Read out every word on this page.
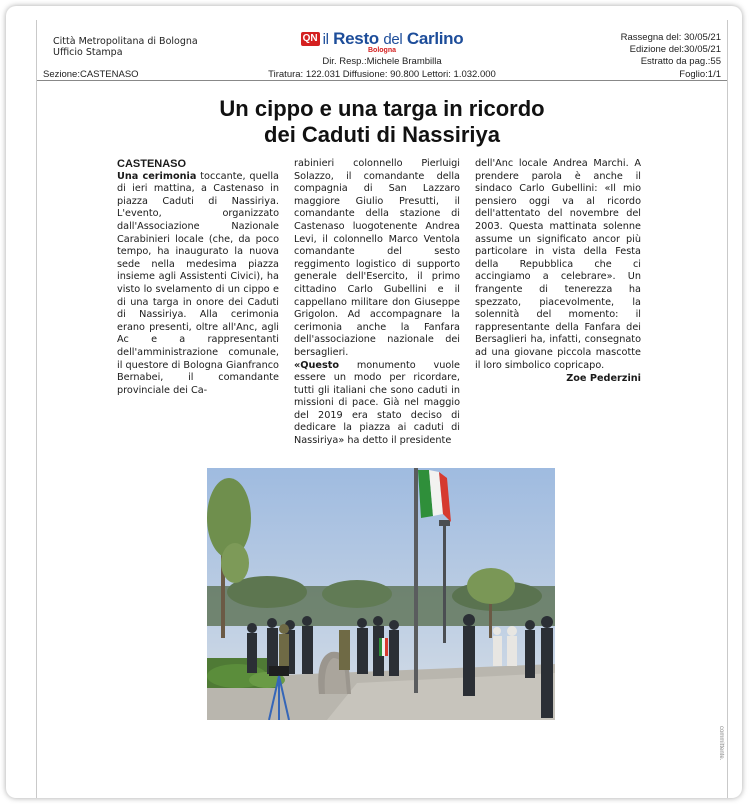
Città Metropolitana di Bologna
Ufficio Stampa
QN il Resto del Carlino
Bologna
Dir. Resp.:Michele Brambilla
Tiratura: 122.031 Diffusione: 90.800 Lettori: 1.032.000
Rassegna del: 30/05/21
Edizione del:30/05/21
Estratto da pag.:55
Sezione:CASTENASO	Foglio:1/1
Un cippo e una targa in ricordo
dei Caduti di Nassiriya
CASTENASO
Una cerimonia toccante, quella di ieri mattina, a Castenaso in piazza Caduti di Nassiriya. L'evento, organizzato dall'Associazione Nazionale Carabinieri locale (che, da poco tempo, ha inaugurato la nuova sede nella medesima piazza insieme agli Assistenti Civici), ha visto lo svelamento di un cippo e di una targa in onore dei Caduti di Nassiriya. Alla cerimonia erano presenti, oltre all'Anc, agli Ac e a rappresentanti dell'amministrazione comunale, il questore di Bologna Gianfranco Bernabei, il comandante provinciale dei Ca-
rabinieri colonnello Pierluigi Solazzo, il comandante della compagnia di San Lazzaro maggiore Giulio Presutti, il comandante della stazione di Castenaso luogotenente Andrea Levi, il colonnello Marco Ventola comandante del sesto reggimento logistico di supporto generale dell'Esercito, il primo cittadino Carlo Gubellini e il cappellano militare don Giuseppe Grigolon. Ad accompagnare la cerimonia anche la Fanfara dell'associazione nazionale dei bersaglieri.
«Questo monumento vuole essere un modo per ricordare, tutti gli italiani che sono caduti in missioni di pace. Già nel maggio del 2019 era stato deciso di dedicare la piazza ai caduti di Nassiriya» ha detto il presidente
dell'Anc locale Andrea Marchi. A prendere parola è anche il sindaco Carlo Gubellini: «Il mio pensiero oggi va al ricordo dell'attentato del novembre del 2003. Questa mattinata solenne assume un significato ancor più particolare in vista della Festa della Repubblica che ci accingiamo a celebrare». Un frangente di tenerezza ha spezzato, piacevolmente, la solennità del momento: il rappresentante della Fanfara dei Bersaglieri ha, infatti, consegnato ad una giovane piccola mascotte il loro simbolico copricapo.
Zoe Pederzini
committente.
